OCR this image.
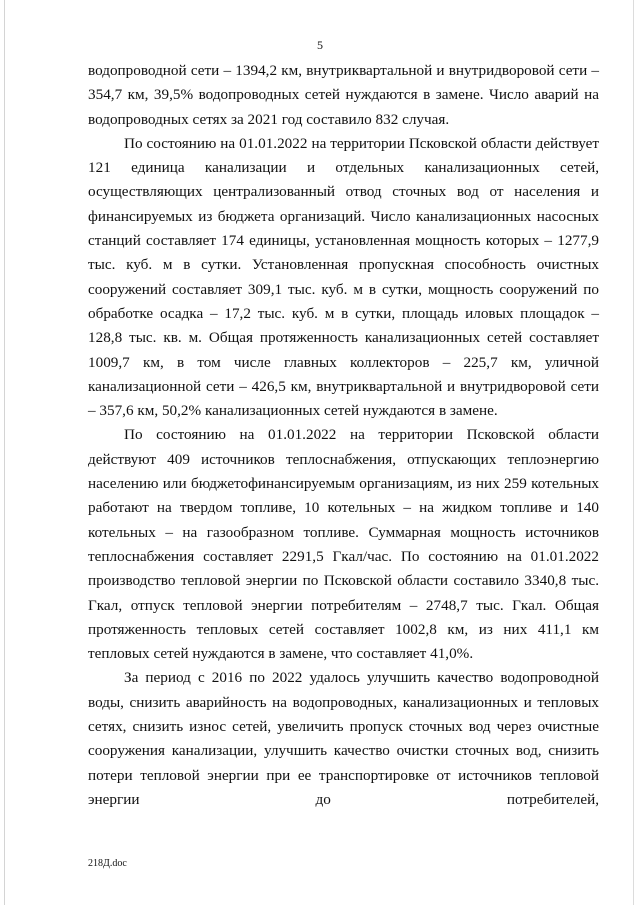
5

водопроводной сети – 1394,2 км, внутриквартальной и внутридворовой сети – 354,7 км, 39,5% водопроводных сетей нуждаются в замене. Число аварий на водопроводных сетях за 2021 год составило 832 случая.

По состоянию на 01.01.2022 на территории Псковской области действует 121 единица канализации и отдельных канализационных сетей, осуществляющих централизованный отвод сточных вод от населения и финансируемых из бюджета организаций. Число канализационных насосных станций составляет 174 единицы, установленная мощность которых – 1277,9 тыс. куб. м в сутки. Установленная пропускная способность очистных сооружений составляет 309,1 тыс. куб. м в сутки, мощность сооружений по обработке осадка – 17,2 тыс. куб. м в сутки, площадь иловых площадок – 128,8 тыс. кв. м. Общая протяженность канализационных сетей составляет 1009,7 км, в том числе главных коллекторов – 225,7 км, уличной канализационной сети – 426,5 км, внутриквартальной и внутридворовой сети – 357,6 км, 50,2% канализационных сетей нуждаются в замене.

По состоянию на 01.01.2022 на территории Псковской области действуют 409 источников теплоснабжения, отпускающих теплоэнергию населению или бюджетофинансируемым организациям, из них 259 котельных работают на твердом топливе, 10 котельных – на жидком топливе и 140 котельных – на газообразном топливе. Суммарная мощность источников теплоснабжения составляет 2291,5 Гкал/час. По состоянию на 01.01.2022 производство тепловой энергии по Псковской области составило 3340,8 тыс. Гкал, отпуск тепловой энергии потребителям – 2748,7 тыс. Гкал. Общая протяженность тепловых сетей составляет 1002,8 км, из них 411,1 км тепловых сетей нуждаются в замене, что составляет 41,0%.

За период с 2016 по 2022 удалось улучшить качество водопроводной воды, снизить аварийность на водопроводных, канализационных и тепловых сетях, снизить износ сетей, увеличить пропуск сточных вод через очистные сооружения канализации, улучшить качество очистки сточных вод, снизить потери тепловой энергии при ее транспортировке от источников тепловой энергии до потребителей,

218Д.doc
